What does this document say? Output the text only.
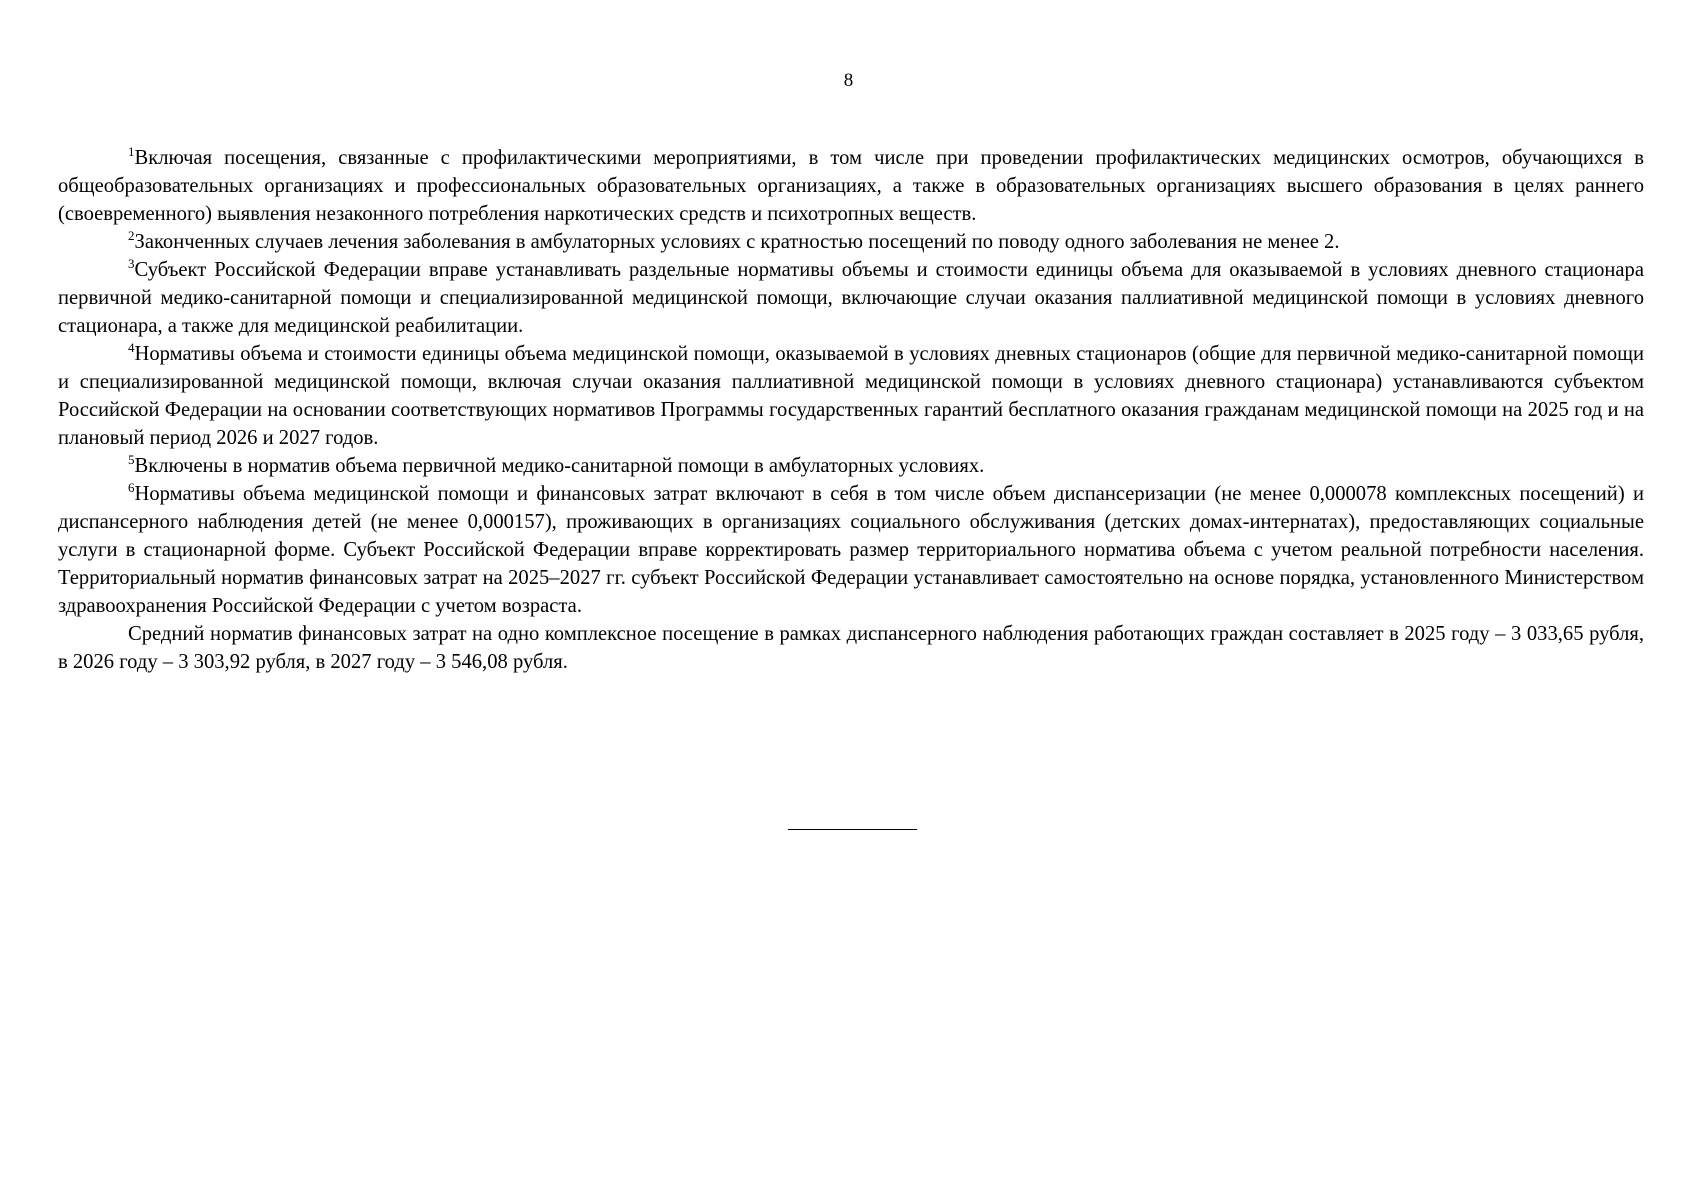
8

$^1$Включая посещения, связанные с профилактическими мероприятиями, в том числе при проведении профилактических медицинских осмотров, обучающихся в общеобразовательных организациях и профессиональных образовательных организациях, а также в образовательных организациях высшего образования в целях раннего (своевременного) выявления незаконного потребления наркотических средств и психотропных веществ.

$^2$Законченных случаев лечения заболевания в амбулаторных условиях с кратностью посещений по поводу одного заболевания не менее 2.

$^3$Субъект Российской Федерации вправе устанавливать раздельные нормативы объемы и стоимости единицы объема для оказываемой в условиях дневного стационара первичной медико-санитарной помощи и специализированной медицинской помощи, включающие случаи оказания паллиативной медицинской помощи в условиях дневного стационара, а также для медицинской реабилитации.

$^4$Нормативы объема и стоимости единицы объема медицинской помощи, оказываемой в условиях дневных стационаров (общие для первичной медико-санитарной помощи и специализированной медицинской помощи, включая случаи оказания паллиативной медицинской помощи в условиях дневного стационара) устанавливаются субъектом Российской Федерации на основании соответствующих нормативов Программы государственных гарантий бесплатного оказания гражданам медицинской помощи на 2025 год и на плановый период 2026 и 2027 годов.

$^5$Включены в норматив объема первичной медико-санитарной помощи в амбулаторных условиях.

$^6$Нормативы объема медицинской помощи и финансовых затрат включают в себя в том числе объем диспансеризации (не менее 0,000078 комплексных посещений) и диспансерного наблюдения детей (не менее 0,000157), проживающих в организациях социального обслуживания (детских домах-интернатах), предоставляющих социальные услуги в стационарной форме. Субъект Российской Федерации вправе корректировать размер территориального норматива объема с учетом реальной потребности населения. Территориальный норматив финансовых затрат на 2025–2027 гг. субъект Российской Федерации устанавливает самостоятельно на основе порядка, установленного Министерством здравоохранения Российской Федерации с учетом возраста.

Средний норматив финансовых затрат на одно комплексное посещение в рамках диспансерного наблюдения работающих граждан составляет в 2025 году – 3 033,65 рубля, в 2026 году – 3 303,92 рубля, в 2027 году – 3 546,08 рубля.
